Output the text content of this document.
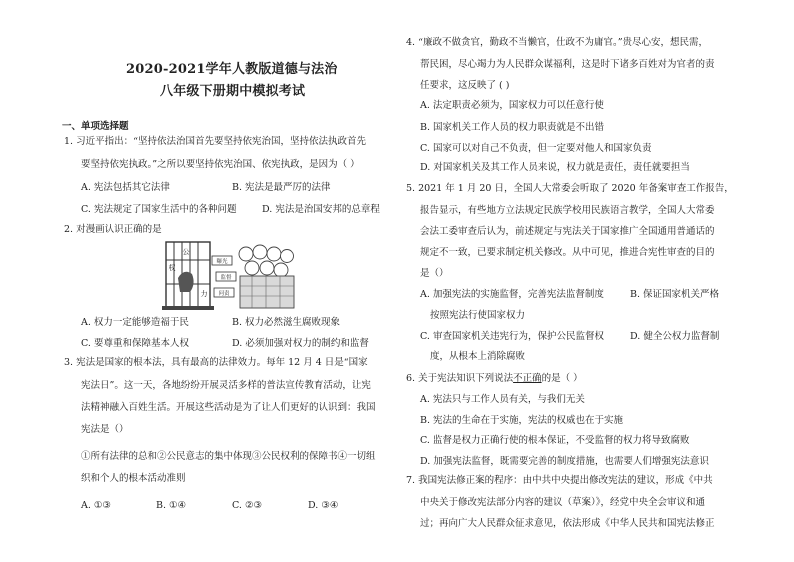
2020-2021学年人教版道德与法治
八年级下册期中模拟考试
一、单项选择题
1. 习近平指出：“坚持依法治国首先要坚持依宪治国，坚持依法执政首先
要坚持依宪执政。”之所以要坚持依宪治国、依宪执政，是因为（ ）
A. 宪法包括其它法律	B. 宪法是最严厉的法律
C. 宪法规定了国家生活中的各种问题	D. 宪法是治国安邦的总章程
2. 对漫画认识正确的是
公
权
力
曝光
监督
问责
A. 权力一定能够造福于民	B. 权力必然滋生腐败现象
C. 要尊重和保障基本人权	D. 必须加强对权力的制约和监督
3. 宪法是国家的根本法，具有最高的法律效力。每年 12 月 4 日是“国家
宪法日”。这一天，各地纷纷开展灵活多样的普法宣传教育活动，让宪
法精神融入百姓生活。开展这些活动是为了让人们更好的认识到：我国
宪法是（）
①所有法律的总和②公民意志的集中体现③公民权利的保障书④一切组
织和个人的根本活动准则
A. ①③	B. ①④	C. ②③	D. ③④
4. “廉政不做贪官，勤政不当懒官，仕政不为庸官。”贵尽心安，想民需，
帮民困，尽心竭力为人民群众谋福利，这是时下诸多百姓对为官者的责
任要求，这反映了 ( )
A. 法定职责必须为，国家权力可以任意行使
B. 国家机关工作人员的权力职责就是不出错
C. 国家可以对自己不负责，但一定要对他人和国家负责
D. 对国家机关及其工作人员来说，权力就是责任，责任就要担当
5. 2021 年 1 月 20 日，全国人大常委会听取了 2020 年备案审查工作报告，
报告显示，有些地方立法规定民族学校用民族语言教学，全国人大常委
会法工委审查后认为，前述规定与宪法关于国家推广全国通用普通话的
规定不一致，已要求制定机关修改。从中可见，推进合宪性审查的目的
是（）
A. 加强宪法的实施监督，完善宪法监督制度	B. 保证国家机关严格
按照宪法行使国家权力
C. 审查国家机关违宪行为，保护公民监督权	D. 健全公权力监督制
度，从根本上消除腐败
6. 关于宪法知识下列说法不正确的是（ ）
A. 宪法只与工作人员有关，与我们无关
B. 宪法的生命在于实施，宪法的权威也在于实施
C. 监督是权力正确行使的根本保证，不受监督的权力将导致腐败
D. 加强宪法监督，既需要完善的制度措施，也需要人们增强宪法意识
7. 我国宪法修正案的程序：由中共中央提出修改宪法的建议，形成《中共
中央关于修改宪法部分内容的建议（草案）》，经党中央全会审议和通
过；再向广大人民群众征求意见，依法形成《中华人民共和国宪法修正
